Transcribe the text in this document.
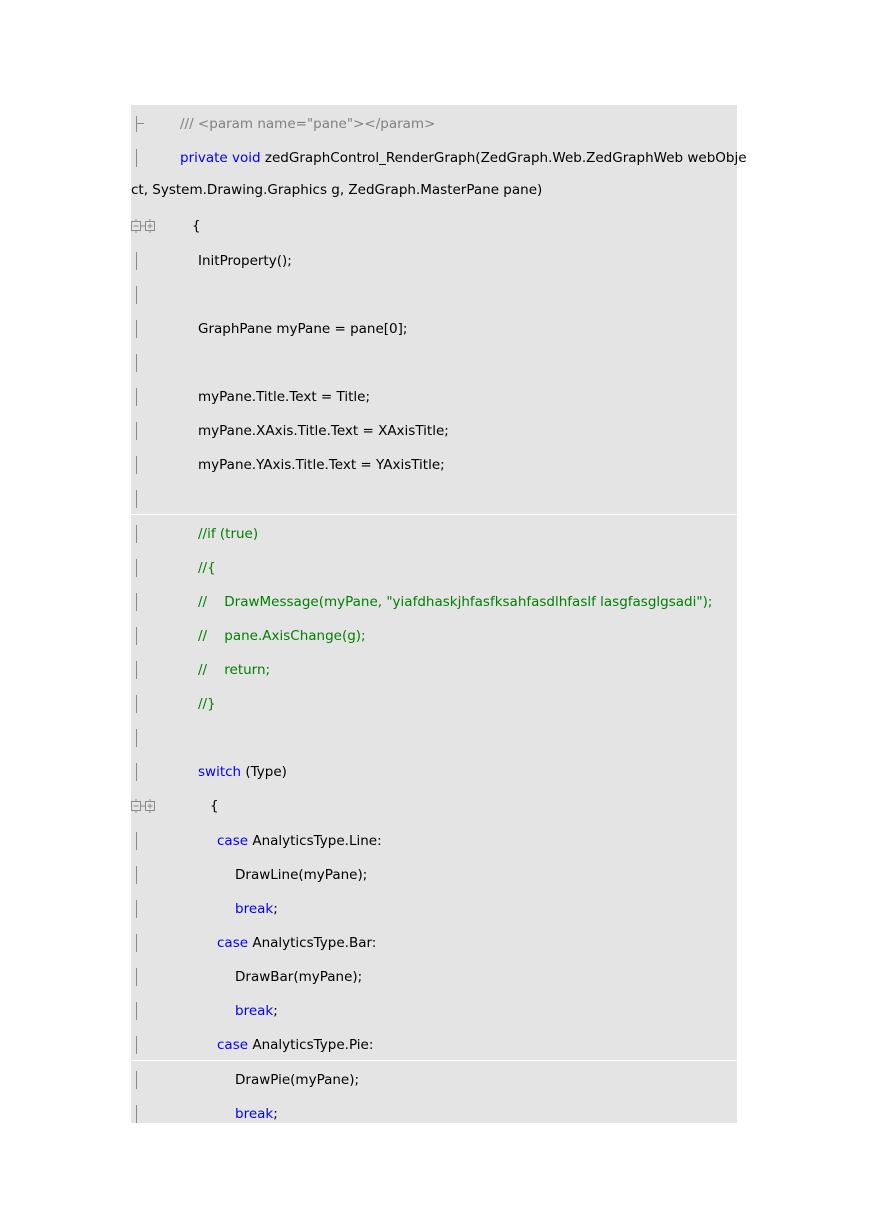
/// <param name="pane"></param>
private void zedGraphControl_RenderGraph(ZedGraph.Web.ZedGraphWeb webObje
ct, System.Drawing.Graphics g, ZedGraph.MasterPane pane)
{
InitProperty();
GraphPane myPane = pane[0];
myPane.Title.Text = Title;
myPane.XAxis.Title.Text = XAxisTitle;
myPane.YAxis.Title.Text = YAxisTitle;
//if (true)
//{
//    DrawMessage(myPane, "yiafdhaskjhfasfksahfasdlhfaslf lasgfasglgsadi");
//    pane.AxisChange(g);
//    return;
//}
switch (Type)
{
case AnalyticsType.Line:
DrawLine(myPane);
break;
case AnalyticsType.Bar:
DrawBar(myPane);
break;
case AnalyticsType.Pie:
DrawPie(myPane);
break;
